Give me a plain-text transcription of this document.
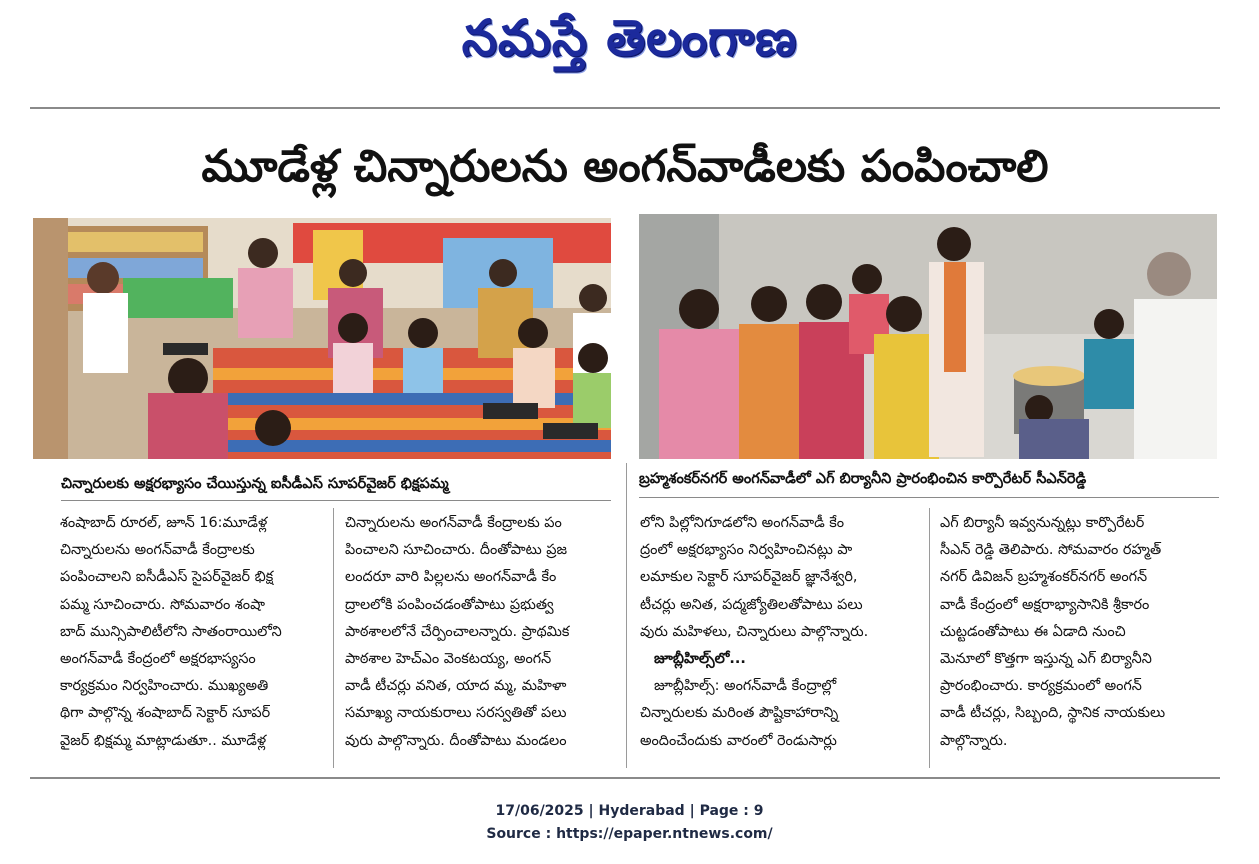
నమస్తే తెలంగాణ
మూడేళ్ల చిన్నారులను అంగన్‌వాడీలకు పంపించాలి
చిన్నారులకు అక్షరభ్యాసం చేయిస్తున్న ఐసీడీఎస్ సూపర్‌వైజర్ భిక్షపమ్మ	బ్రహ్మశంకర్‌నగర్ అంగన్‌వాడీలో ఎగ్ బిర్యానీని ప్రారంభించిన కార్పొరేటర్ సీఎన్‌రెడ్డి

శంషాబాద్ రూరల్, జూన్ 16:మూడేళ్ల

చిన్నారులను అంగన్‌వాడీ కేంద్రాలకు

పంపించాలని ఐసీడీఎస్ సైపర్‌వైజర్ భిక్ష

పమ్మ సూచించారు. సోమవారం శంషా

బాద్ మున్సిపాలిటీలోని సాతంరాయిలోని

అంగన్‌వాడీ కేంద్రంలో అక్షరభాస్యసం

కార్యక్రమం నిర్వహించారు. ముఖ్యఅతి

థిగా పాల్గొన్న శంషాబాద్ సెక్టార్ సూపర్

వైజర్ భిక్షమ్మ మాట్లాడుతూ.. మూడేళ్ల

చిన్నారులను అంగన్‌వాడీ కేంద్రాలకు పం

పించాలని సూచించారు. దీంతోపాటు ప్రజ

లందరూ వారి పిల్లలను అంగన్‌వాడీ కేం

ద్రాలలోకి పంపించడంతోపాటు ప్రభుత్వ

పాఠశాలలోనే చేర్పించాలన్నారు. ప్రాథమిక

పాఠశాల హెచ్‌ఎం వెంకటయ్య, అంగన్

వాడీ టీచర్లు వనిత, యాద మ్మ, మహిళా

సమాఖ్య నాయకురాలు సరస్వతితో పలు

వురు పాల్గొన్నారు. దీంతోపాటు మండలం

లోని పిల్లోనిగూడలోని అంగన్‌వాడీ కేం

ద్రంలో అక్షరభ్యాసం నిర్వహించినట్లు పా

లమాకుల సెక్టార్ సూపర్‌వైజర్ జ్ఞానేశ్వరి,

టీచర్లు అనిత, పద్మజ్యోతిలతోపాటు పలు

వురు మహిళలు, చిన్నారులు పాల్గొన్నారు.

జూబ్లీహిల్స్‌లో...

జూబ్లీహిల్స్: అంగన్‌వాడీ కేంద్రాల్లో

చిన్నారులకు మరింత పౌష్టికాహారాన్ని

అందించేందుకు వారంలో రెండుసార్లు

ఎగ్ బిర్యానీ ఇవ్వనున్నట్లు కార్పొరేటర్

సీఎన్ రెడ్డి తెలిపారు. సోమవారం రహ్మత్

నగర్ డివిజన్ బ్రహ్మశంకర్‌నగర్ అంగన్

వాడీ కేంద్రంలో అక్షరాభ్యాసానికి శ్రీకారం

చుట్టడంతోపాటు ఈ ఏడాది నుంచి

మెనూలో కొత్తగా ఇస్తున్న ఎగ్ బిర్యానీని

ప్రారంభించారు. కార్యక్రమంలో అంగన్

వాడీ టీచర్లు, సిబ్బంది, స్థానిక నాయకులు

పాల్గొన్నారు.

17/06/2025 | Hyderabad | Page : 9
Source : https://epaper.ntnews.com/
